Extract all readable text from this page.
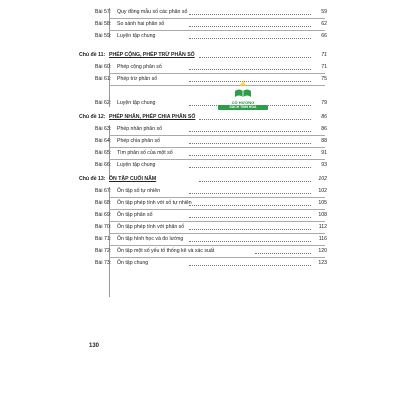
Bài 57: Quy đồng mẫu số các phân số	59
Bài 58: So sánh hai phân số	62
Bài 59: Luyện tập chung	66
Chủ đề 11: PHÉP CỘNG, PHÉP TRỪ PHÂN SỐ	71
Bài 60: Phép cộng phân số	71
Bài 61: Phép trừ phân số	75
Bài 62: Luyện tập chung	79
Chủ đề 12: PHÉP NHÂN, PHÉP CHIA PHÂN SỐ	86
Bài 63: Phép nhân phân số	86
Bài 64: Phép chia phân số	88
Bài 65: Tìm phân số của một số	91
Bài 66: Luyện tập chung	93
Chủ đề 13: ÔN TẬP CUỐI NĂM	102
Bài 67: Ôn tập số tự nhiên	102
Bài 68: Ôn tập phép tính với số tự nhiên	105
Bài 69: Ôn tập phân số	108
Bài 70: Ôn tập phép tính với phân số	112
Bài 71: Ôn tập hình học và đo lường	116
Bài 72: Ôn tập một số yếu tố thống kê và xác suất	120
Bài 73: Ôn tập chung	123
130
CÔ HƯƠNG
SÁCH TINH HOA
